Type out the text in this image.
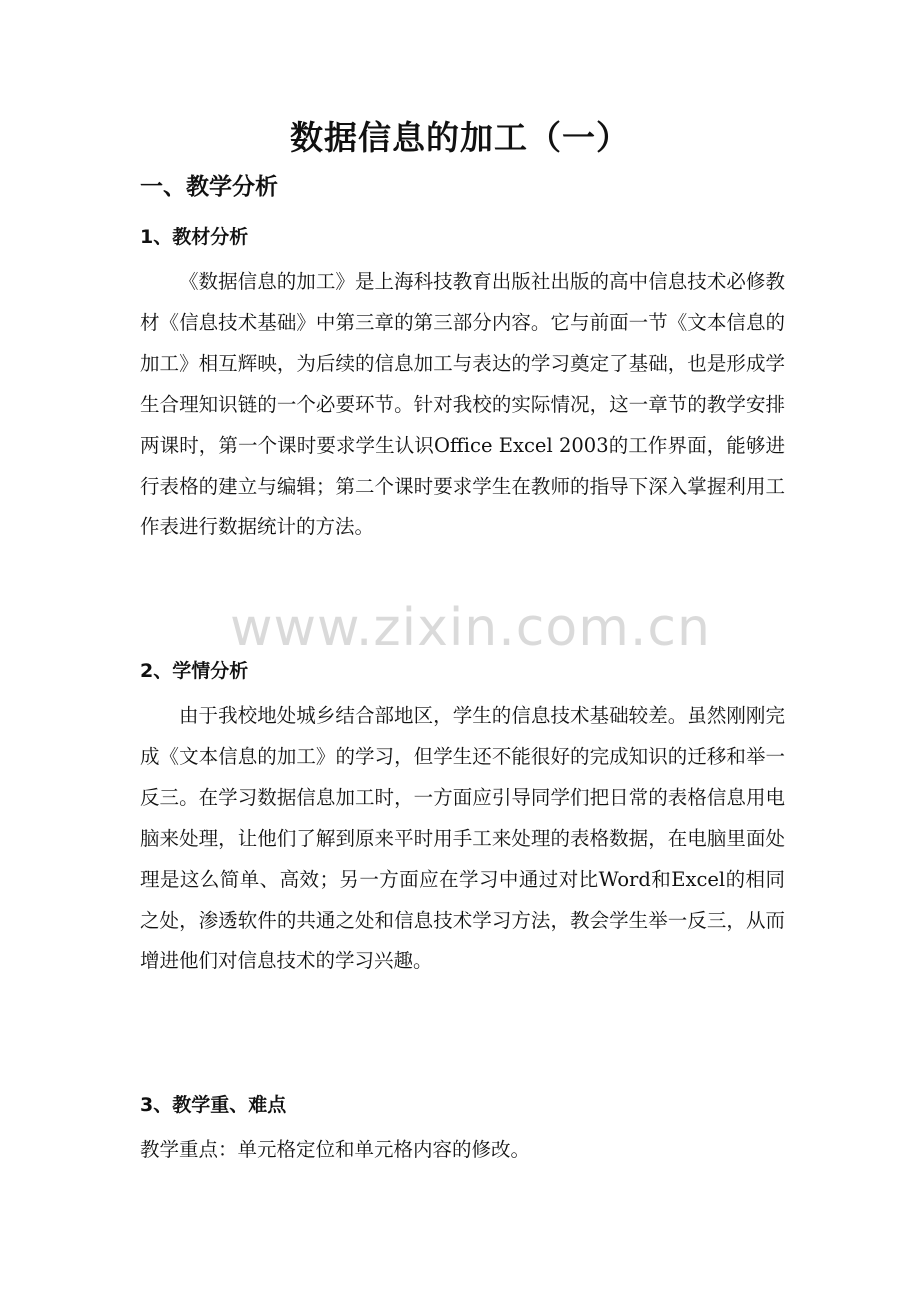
数据信息的加工（一）
一、教学分析
1、教材分析

《数据信息的加工》是上海科技教育出版社出版的高中信息技术必修教材《信息技术基础》中第三章的第三部分内容。它与前面一节《文本信息的加工》相互辉映，为后续的信息加工与表达的学习奠定了基础，也是形成学生合理知识链的一个必要环节。针对我校的实际情况，这一章节的教学安排两课时，第一个课时要求学生认识Office Excel 2003的工作界面，能够进行表格的建立与编辑；第二个课时要求学生在教师的指导下深入掌握利用工作表进行数据统计的方法。

2、学情分析

由于我校地处城乡结合部地区，学生的信息技术基础较差。虽然刚刚完成《文本信息的加工》的学习，但学生还不能很好的完成知识的迁移和举一反三。在学习数据信息加工时，一方面应引导同学们把日常的表格信息用电脑来处理，让他们了解到原来平时用手工来处理的表格数据，在电脑里面处理是这么简单、高效；另一方面应在学习中通过对比Word和Excel的相同之处，渗透软件的共通之处和信息技术学习方法，教会学生举一反三，从而增进他们对信息技术的学习兴趣。

3、教学重、难点

教学重点：单元格定位和单元格内容的修改。

www.zixin.com.cn
